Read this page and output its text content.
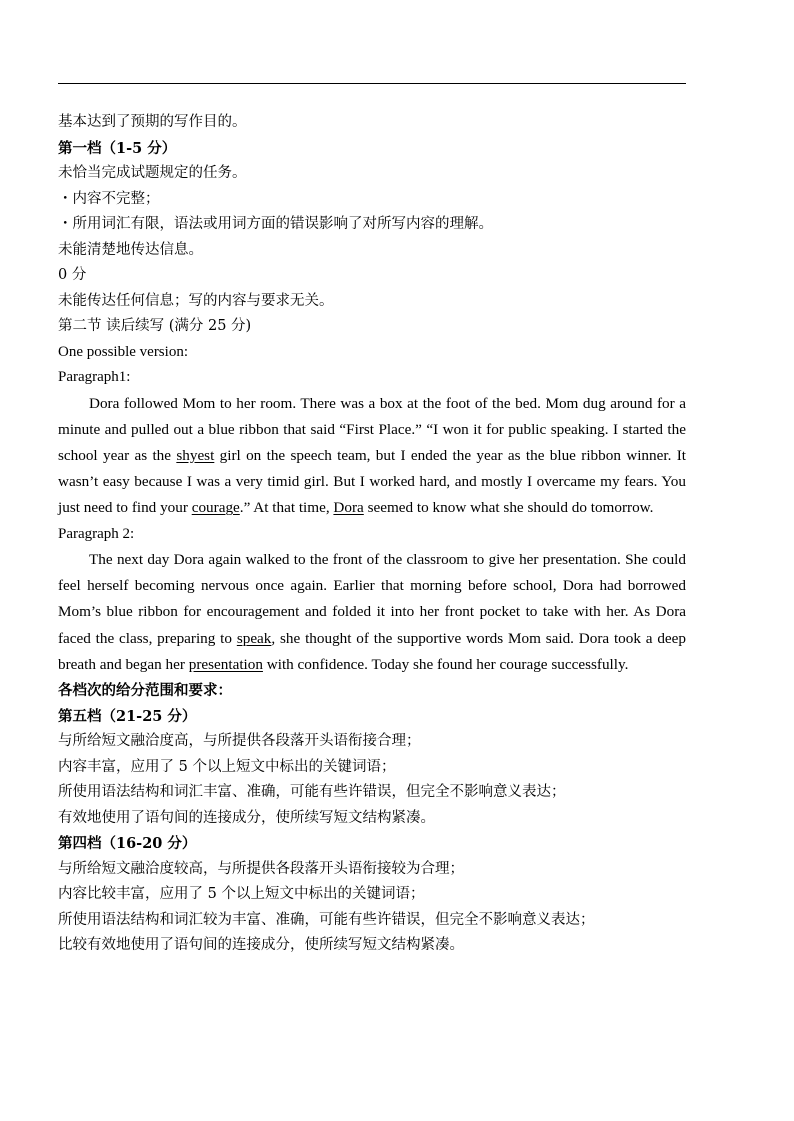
基本达到了预期的写作目的。
第一档（1-5 分）
未恰当完成试题规定的任务。
・内容不完整；
・所用词汇有限，语法或用词方面的错误影响了对所写内容的理解。
未能清楚地传达信息。
0 分
未能传达任何信息；写的内容与要求无关。
第二节 读后续写 (满分 25 分)
One possible version:
Paragraph1:

Dora followed Mom to her room. There was a box at the foot of the bed. Mom dug around for a minute and pulled out a blue ribbon that said “First Place.” “I won it for public speaking. I started the school year as the shyest girl on the speech team, but I ended the year as the blue ribbon winner. It wasn’t easy because I was a very timid girl. But I worked hard, and mostly I overcame my fears. You just need to find your courage.” At that time, Dora seemed to know what she should do tomorrow.

Paragraph 2:

The next day Dora again walked to the front of the classroom to give her presentation. She could feel herself becoming nervous once again. Earlier that morning before school, Dora had borrowed Mom’s blue ribbon for encouragement and folded it into her front pocket to take with her. As Dora faced the class, preparing to speak, she thought of the supportive words Mom said. Dora took a deep breath and began her presentation with confidence. Today she found her courage successfully.

各档次的给分范围和要求：
第五档（21-25 分）
与所给短文融洽度高，与所提供各段落开头语衔接合理；
内容丰富，应用了 5 个以上短文中标出的关键词语；
所使用语法结构和词汇丰富、准确，可能有些许错误，但完全不影响意义表达；
有效地使用了语句间的连接成分，使所续写短文结构紧凑。
第四档（16-20 分）
与所给短文融洽度较高，与所提供各段落开头语衔接较为合理；
内容比较丰富，应用了 5 个以上短文中标出的关键词语；
所使用语法结构和词汇较为丰富、准确，可能有些许错误，但完全不影响意义表达；
比较有效地使用了语句间的连接成分，使所续写短文结构紧凑。
